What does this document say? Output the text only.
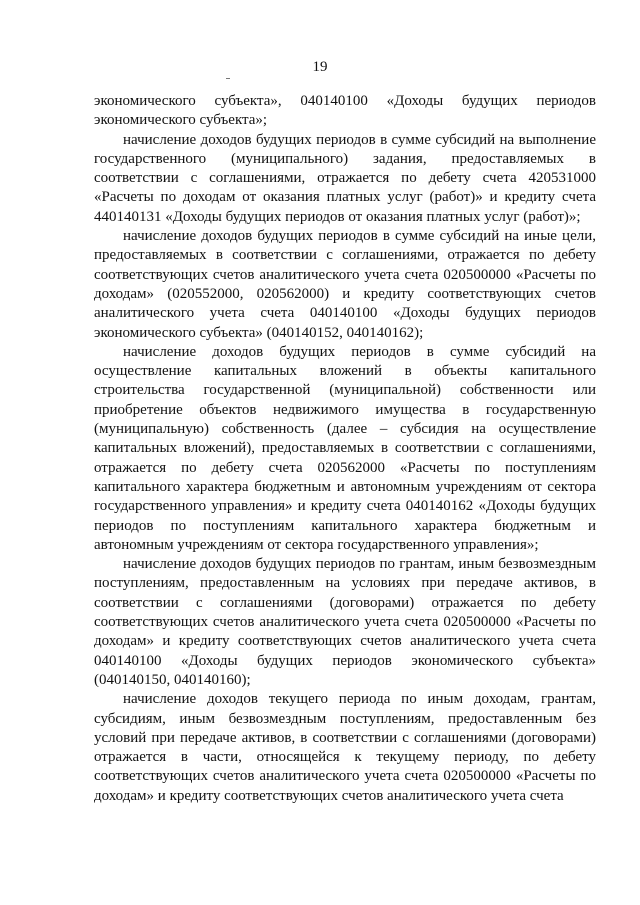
19

экономического субъекта», 040140100 «Доходы будущих периодов экономического субъекта»;

начисление доходов будущих периодов в сумме субсидий на выполнение государственного (муниципального) задания, предоставляемых в соответствии с соглашениями, отражается по дебету счета 420531000 «Расчеты по доходам от оказания платных услуг (работ)» и кредиту счета 440140131 «Доходы будущих периодов от оказания платных услуг (работ)»;

начисление доходов будущих периодов в сумме субсидий на иные цели, предоставляемых в соответствии с соглашениями, отражается по дебету соответствующих счетов аналитического учета счета 020500000 «Расчеты по доходам» (020552000, 020562000) и кредиту соответствующих счетов аналитического учета счета 040140100 «Доходы будущих периодов экономического субъекта» (040140152, 040140162);

начисление доходов будущих периодов в сумме субсидий на осуществление капитальных вложений в объекты капитального строительства государственной (муниципальной) собственности или приобретение объектов недвижимого имущества в государственную (муниципальную) собственность (далее – субсидия на осуществление капитальных вложений), предоставляемых в соответствии с соглашениями, отражается по дебету счета 020562000 «Расчеты по поступлениям капитального характера бюджетным и автономным учреждениям от сектора государственного управления» и кредиту счета 040140162 «Доходы будущих периодов по поступлениям капитального характера бюджетным и автономным учреждениям от сектора государственного управления»;

начисление доходов будущих периодов по грантам, иным безвозмездным поступлениям, предоставленным на условиях при передаче активов, в соответствии с соглашениями (договорами) отражается по дебету соответствующих счетов аналитического учета счета 020500000 «Расчеты по доходам» и кредиту соответствующих счетов аналитического учета счета 040140100 «Доходы будущих периодов экономического субъекта» (040140150, 040140160);

начисление доходов текущего периода по иным доходам, грантам, субсидиям, иным безвозмездным поступлениям, предоставленным без условий при передаче активов, в соответствии с соглашениями (договорами) отражается в части, относящейся к текущему периоду, по дебету соответствующих счетов аналитического учета счета 020500000 «Расчеты по доходам» и кредиту соответствующих счетов аналитического учета счета
